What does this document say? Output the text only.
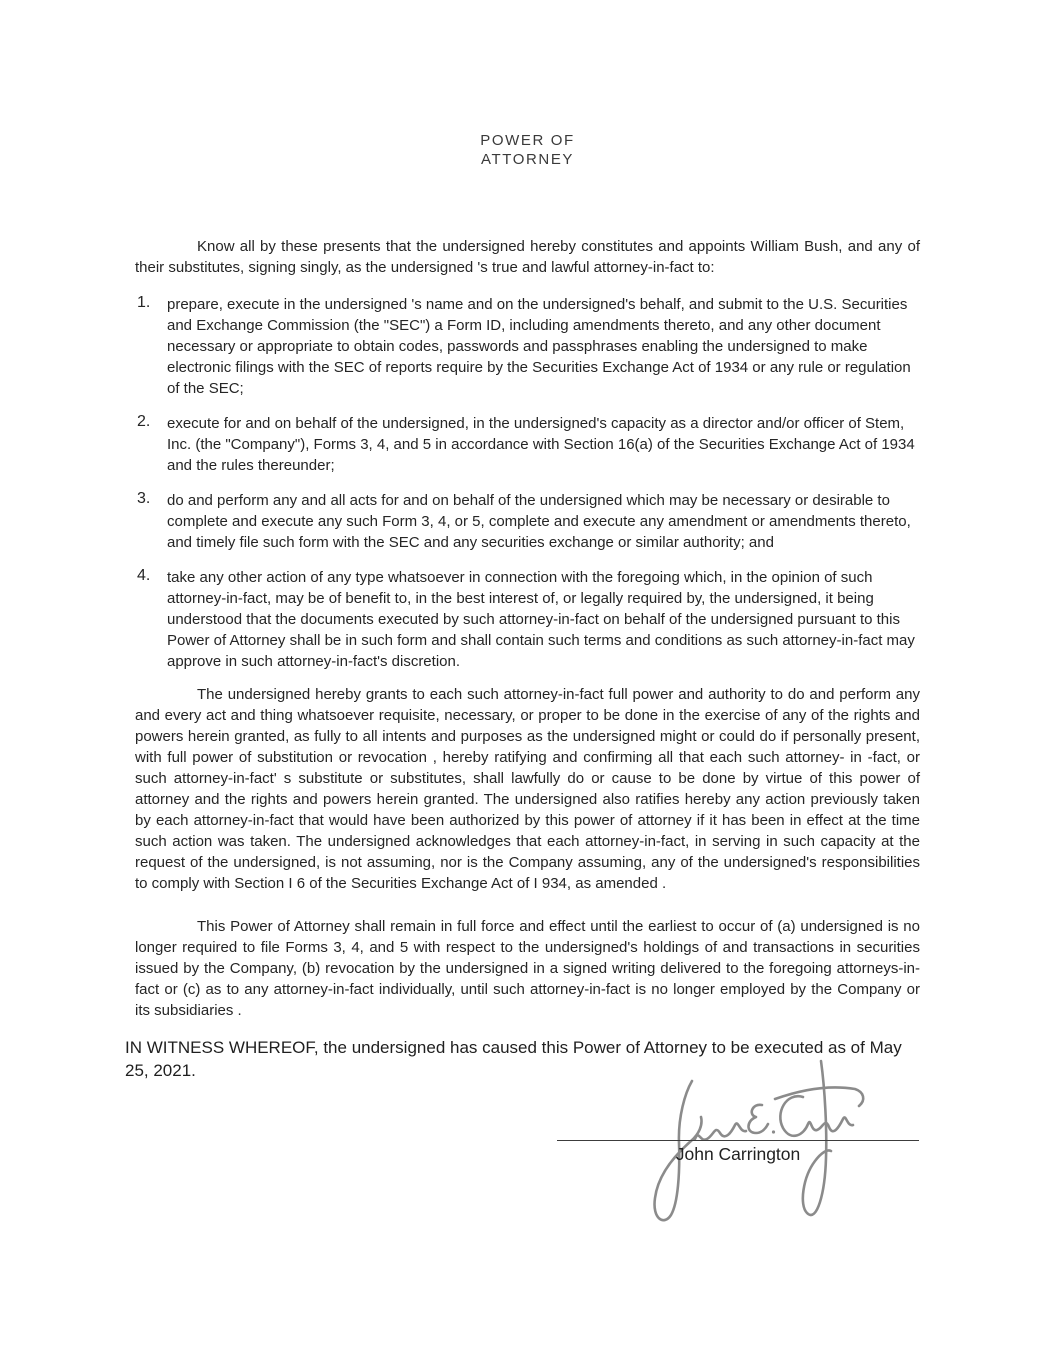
POWER OF
ATTORNEY

Know all by these presents that the undersigned hereby constitutes and appoints William Bush, and any of their substitutes, signing singly, as the undersigned 's true and lawful attorney-in-fact to:

1. prepare, execute in the undersigned 's name and on the undersigned's behalf, and submit to the U.S. Securities and Exchange Commission (the "SEC") a Form ID, including amendments thereto, and any other document necessary or appropriate to obtain codes, passwords and passphrases enabling the undersigned to make electronic filings with the SEC of reports require by the Securities Exchange Act of 1934 or any rule or regulation of the SEC;
2. execute for and on behalf of the undersigned, in the undersigned's capacity as a director and/or officer of Stem, Inc. (the "Company"), Forms 3, 4, and 5 in accordance with Section 16(a) of the Securities Exchange Act of 1934 and the rules thereunder;
3. do and perform any and all acts for and on behalf of the undersigned which may be necessary or desirable to complete and execute any such Form 3, 4, or 5, complete and execute any amendment or amendments thereto, and timely file such form with the SEC and any securities exchange or similar authority; and
4. take any other action of any type whatsoever in connection with the foregoing which, in the opinion of such attorney-in-fact, may be of benefit to, in the best interest of, or legally required by, the undersigned, it being understood that the documents executed by such attorney-in-fact on behalf of the undersigned pursuant to this Power of Attorney shall be in such form and shall contain such terms and conditions as such attorney-in-fact may approve in such attorney-in-fact's discretion.

The undersigned hereby grants to each such attorney-in-fact full power and authority to do and perform any and every act and thing whatsoever requisite, necessary, or proper to be done in the exercise of any of the rights and powers herein granted, as fully to all intents and purposes as the undersigned might or could do if personally present, with full power of substitution or revocation , hereby ratifying and confirming all that each such attorney- in -fact, or such attorney-in-fact' s substitute or substitutes, shall lawfully do or cause to be done by virtue of this power of attorney and the rights and powers herein granted. The undersigned also ratifies hereby any action previously taken by each attorney-in-fact that would have been authorized by this power of attorney if it has been in effect at the time such action was taken. The undersigned acknowledges that each attorney-in-fact, in serving in such capacity at the request of the undersigned, is not assuming, nor is the Company assuming, any of the undersigned's responsibilities to comply with Section I 6 of the Securities Exchange Act of I 934, as amended .

This Power of Attorney shall remain in full force and effect until the earliest to occur of (a) undersigned is no longer required to file Forms 3, 4, and 5 with respect to the undersigned's holdings of and transactions in securities issued by the Company, (b) revocation by the undersigned in a signed writing delivered to the foregoing attorneys-in- fact or (c) as to any attorney-in-fact individually, until such attorney-in-fact is no longer employed by the Company or its subsidiaries .

IN WITNESS WHEREOF, the undersigned has caused this Power of Attorney to be executed as of May 25, 2021.

John Carrington
